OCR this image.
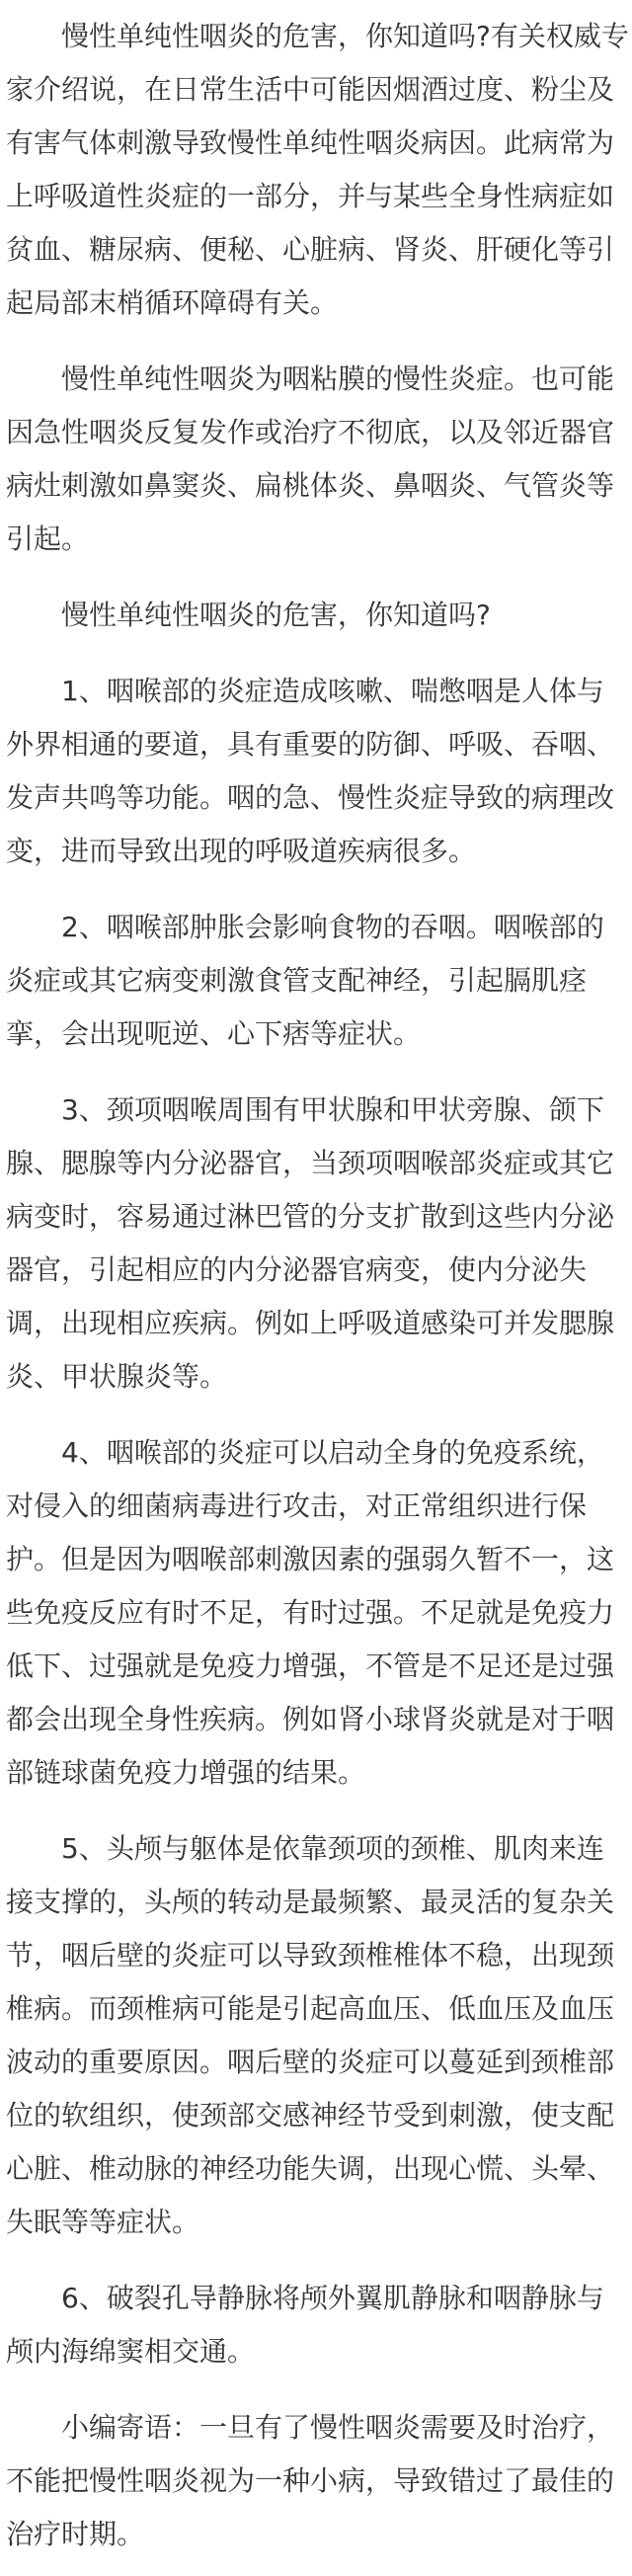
慢性单纯性咽炎的危害，你知道吗?有关权威专
家介绍说，在日常生活中可能因烟酒过度、粉尘及
有害气体刺激导致慢性单纯性咽炎病因。此病常为
上呼吸道性炎症的一部分，并与某些全身性病症如
贫血、糖尿病、便秘、心脏病、肾炎、肝硬化等引
起局部末梢循环障碍有关。
慢性单纯性咽炎为咽粘膜的慢性炎症。也可能
因急性咽炎反复发作或治疗不彻底，以及邻近器官
病灶刺激如鼻窦炎、扁桃体炎、鼻咽炎、气管炎等
引起。
慢性单纯性咽炎的危害，你知道吗?
1、咽喉部的炎症造成咳嗽、喘憋咽是人体与
外界相通的要道，具有重要的防御、呼吸、吞咽、
发声共鸣等功能。咽的急、慢性炎症导致的病理改
变，进而导致出现的呼吸道疾病很多。
2、咽喉部肿胀会影响食物的吞咽。咽喉部的
炎症或其它病变刺激食管支配神经，引起膈肌痉
挛，会出现呃逆、心下痞等症状。
3、颈项咽喉周围有甲状腺和甲状旁腺、颌下
腺、腮腺等内分泌器官，当颈项咽喉部炎症或其它
病变时，容易通过淋巴管的分支扩散到这些内分泌
器官，引起相应的内分泌器官病变，使内分泌失
调，出现相应疾病。例如上呼吸道感染可并发腮腺
炎、甲状腺炎等。
4、咽喉部的炎症可以启动全身的免疫系统，
对侵入的细菌病毒进行攻击，对正常组织进行保
护。但是因为咽喉部刺激因素的强弱久暂不一，这
些免疫反应有时不足，有时过强。不足就是免疫力
低下、过强就是免疫力增强，不管是不足还是过强
都会出现全身性疾病。例如肾小球肾炎就是对于咽
部链球菌免疫力增强的结果。
5、头颅与躯体是依靠颈项的颈椎、肌肉来连
接支撑的，头颅的转动是最频繁、最灵活的复杂关
节，咽后壁的炎症可以导致颈椎椎体不稳，出现颈
椎病。而颈椎病可能是引起高血压、低血压及血压
波动的重要原因。咽后壁的炎症可以蔓延到颈椎部
位的软组织，使颈部交感神经节受到刺激，使支配
心脏、椎动脉的神经功能失调，出现心慌、头晕、
失眠等等症状。
6、破裂孔导静脉将颅外翼肌静脉和咽静脉与
颅内海绵窦相交通。
小编寄语：一旦有了慢性咽炎需要及时治疗，
不能把慢性咽炎视为一种小病，导致错过了最佳的
治疗时期。
